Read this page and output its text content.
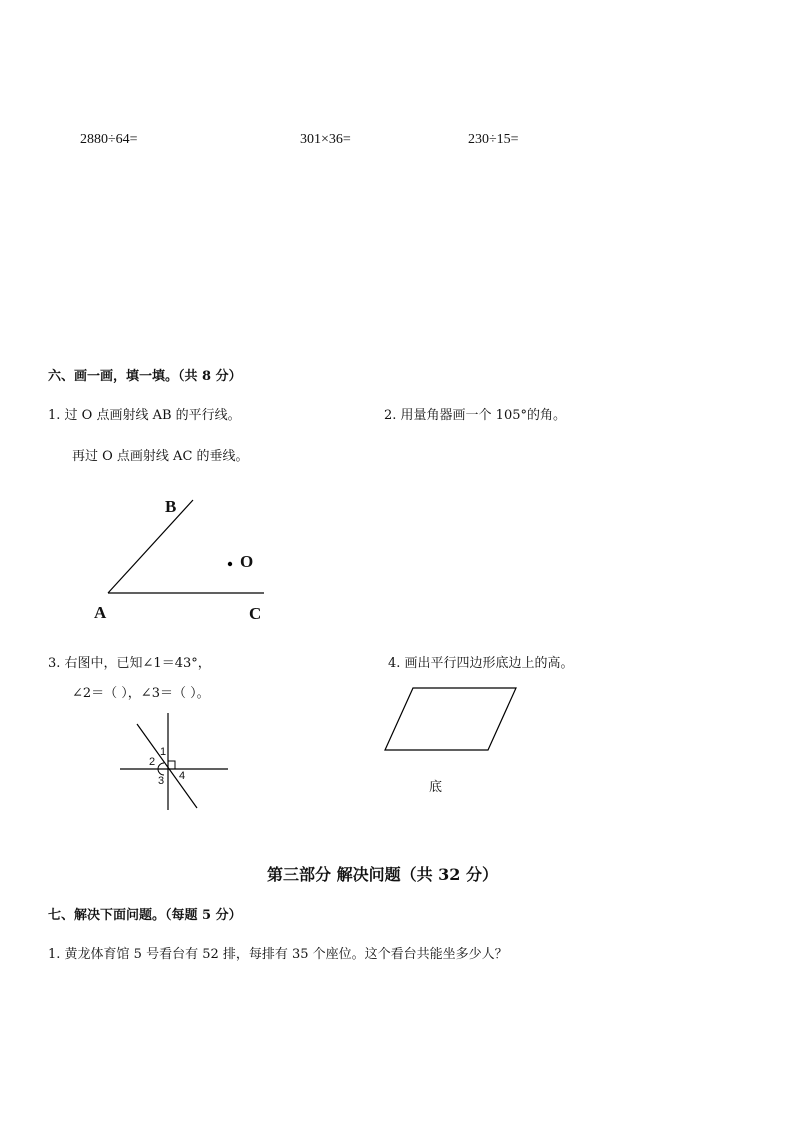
2880÷64=	301×36=	230÷15=
六、画一画，填一填。（共 8 分）
1. 过 O 点画射线 AB 的平行线。
再过 O 点画射线 AC 的垂线。
2. 用量角器画一个 105°的角。
B
O
A	C
3. 右图中，已知∠1＝43°，
∠2＝（ ），∠3＝（ ）。
1
2
3 4
4. 画出平行四边形底边上的高。
底
第三部分 解决问题（共 32 分）
七、解决下面问题。（每题 5 分）
1. 黄龙体育馆 5 号看台有 52 排，每排有 35 个座位。这个看台共能坐多少人？
